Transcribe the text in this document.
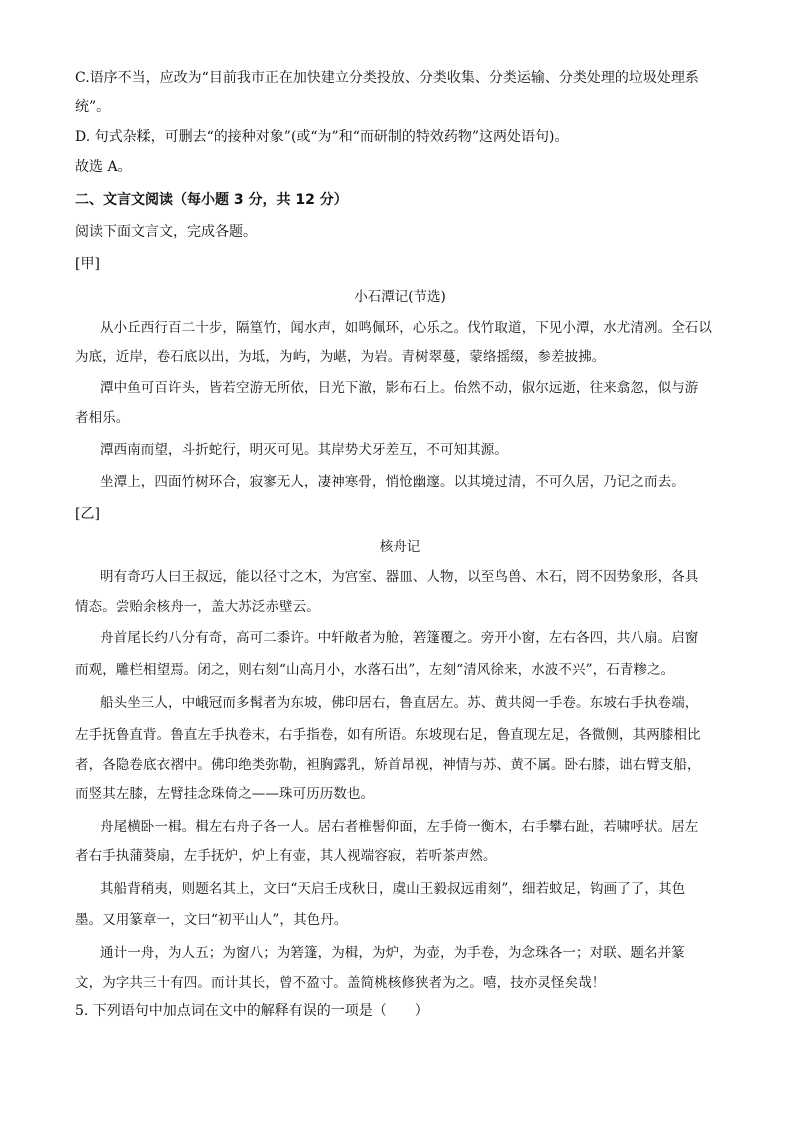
C.语序不当，应改为“目前我市正在加快建立分类投放、分类收集、分类运输、分类处理的垃圾处理系
统”。
D. 句式杂糅，可删去“的接种对象”(或“为”和“而研制的特效药物”这两处语句)。
故选 A。
二、文言文阅读（每小题 3 分，共 12 分）
阅读下面文言文，完成各题。
[甲]
小石潭记(节选)
从小丘西行百二十步，隔篁竹，闻水声，如鸣佩环，心乐之。伐竹取道，下见小潭，水尤清冽。全石以
为底，近岸，卷石底以出，为坻，为屿，为嵁，为岩。青树翠蔓，蒙络摇缀，参差披拂。
潭中鱼可百许头，皆若空游无所依，日光下澈，影布石上。佁然不动，俶尔远逝，往来翕忽，似与游
者相乐。
潭西南而望，斗折蛇行，明灭可见。其岸势犬牙差互，不可知其源。
坐潭上，四面竹树环合，寂寥无人，凄神寒骨，悄怆幽邃。以其境过清，不可久居，乃记之而去。
[乙]
核舟记
明有奇巧人曰王叔远，能以径寸之木，为宫室、器皿、人物，以至鸟兽、木石，罔不因势象形，各具
情态。尝贻余核舟一，盖大苏泛赤壁云。
舟首尾长约八分有奇，高可二黍许。中轩敞者为舱，箬篷覆之。旁开小窗，左右各四，共八扇。启窗
而观，雕栏相望焉。闭之，则右刻“山高月小，水落石出”，左刻“清风徐来，水波不兴”，石青糁之。
船头坐三人，中峨冠而多髯者为东坡，佛印居右，鲁直居左。苏、黄共阅一手卷。东坡右手执卷端，
左手抚鲁直背。鲁直左手执卷末，右手指卷，如有所语。东坡现右足，鲁直现左足，各微侧，其两膝相比
者，各隐卷底衣褶中。佛印绝类弥勒，袒胸露乳，矫首昂视，神情与苏、黄不属。卧右膝，诎右臂支船，
而竖其左膝，左臂挂念珠倚之——珠可历历数也。
舟尾横卧一楫。楫左右舟子各一人。居右者椎髻仰面，左手倚一衡木，右手攀右趾，若啸呼状。居左
者右手执蒲葵扇，左手抚炉，炉上有壶，其人视端容寂，若听茶声然。
其船背稍夷，则题名其上，文曰“天启壬戌秋日，虞山王毅叔远甫刻”，细若蚊足，钩画了了，其色
墨。又用篆章一，文曰“初平山人”，其色丹。
通计一舟，为人五；为窗八；为箬篷，为楫，为炉，为壶，为手卷，为念珠各一；对联、题名并篆
文，为字共三十有四。而计其长，曾不盈寸。盖简桃核修狭者为之。嘻，技亦灵怪矣哉！
5. 下列语句中加点词在文中的解释有误的一项是（　　）
